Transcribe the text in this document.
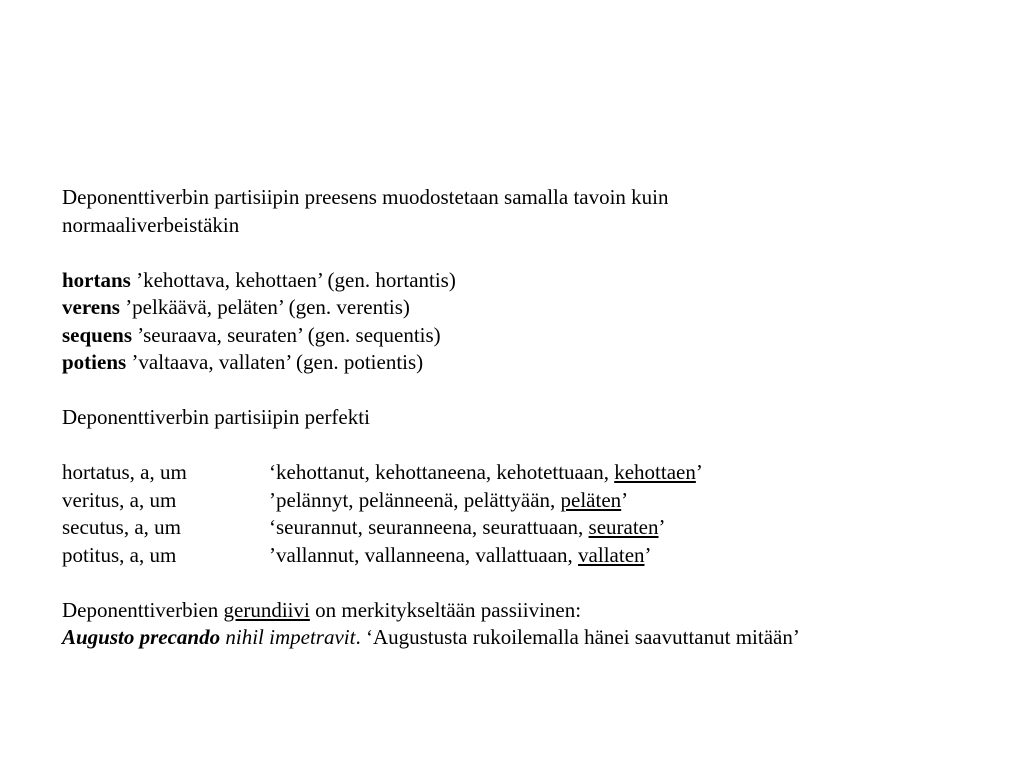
Deponenttiverbin partisiipin preesens muodostetaan samalla tavoin kuin
normaaliverbeistäkin
hortans ’kehottava, kehottaen’ (gen. hortantis)
verens ’pelkäävä, peläten’ (gen. verentis)
sequens ’seuraava, seuraten’ (gen. sequentis)
potiens ’valtaava, vallaten’ (gen. potientis)
Deponenttiverbin partisiipin perfekti
hortatus, a, um	‘kehottanut, kehottaneena, kehotettuaan, kehottaen’
veritus, a, um	’pelännyt, pelänneenä, pelättyään, peläten’
secutus, a, um	‘seurannut, seuranneena, seurattuaan, seuraten’
potitus, a, um	’vallannut, vallanneena, vallattuaan, vallaten’
Deponenttiverbien gerundiivi on merkitykseltään passiivinen:
Augusto precando nihil impetravit. ‘Augustusta rukoilemalla hänei saavuttanut mitään’
